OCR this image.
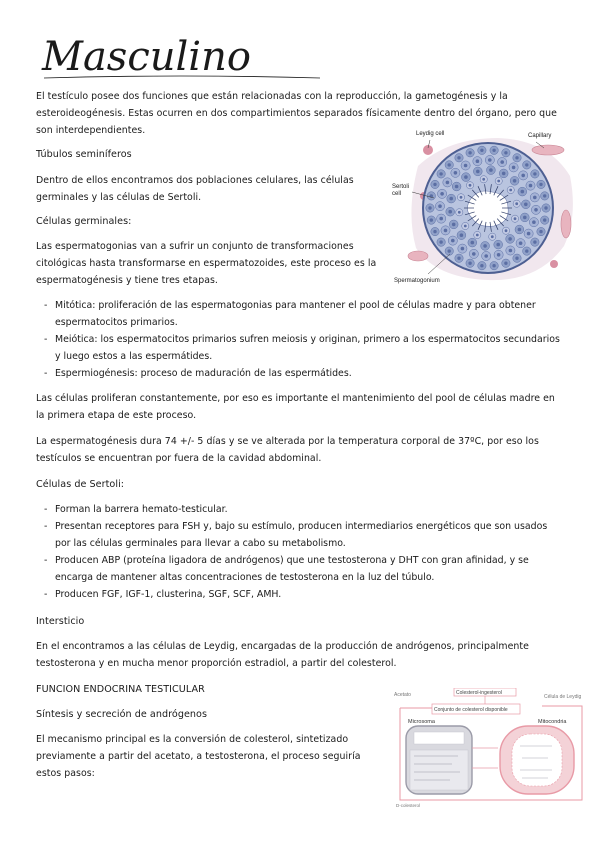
Masculino
El testículo posee dos funciones que están relacionadas con la reproducción, la gametogénesis y la esteroideogénesis. Estas ocurren en dos compartimientos separados físicamente dentro del órgano, pero que son interdependientes.
Túbulos seminíferos
Dentro de ellos encontramos dos poblaciones celulares, las células germinales y las células de Sertoli.
Células germinales:
Las espermatogonias van a sufrir un conjunto de transformaciones citológicas hasta transformarse en espermatozoides, este proceso es la espermatogénesis y tiene tres etapas.
- Mitótica: proliferación de las espermatogonias para mantener el pool de células madre y para obtener espermatocitos primarios.
- Meiótica: los espermatocitos primarios sufren meiosis y originan, primero a los espermatocitos secundarios y luego estos a las espermátides.
- Espermiogénesis: proceso de maduración de las espermátides.
Las células proliferan constantemente, por eso es importante el mantenimiento del pool de células madre en la primera etapa de este proceso.
La espermatogénesis dura 74 +/- 5 días y se ve alterada por la temperatura corporal de 37ºC, por eso los testículos se encuentran por fuera de la cavidad abdominal.
Células de Sertoli:
- Forman la barrera hemato-testicular.
- Presentan receptores para FSH y, bajo su estímulo, producen intermediarios energéticos que son usados por las células germinales para llevar a cabo su metabolismo.
- Producen ABP (proteína ligadora de andrógenos) que une testosterona y DHT con gran afinidad, y se encarga de mantener altas concentraciones de testosterona en la luz del túbulo.
- Producen FGF, IGF-1, clusterina, SGF, SCF, AMH.
Intersticio
En el encontramos a las células de Leydig, encargadas de la producción de andrógenos, principalmente testosterona y en mucha menor proporción estradiol, a partir del colesterol.
FUNCION ENDOCRINA TESTICULAR
Síntesis y secreción de andrógenos
El mecanismo principal es la conversión de colesterol, sintetizado previamente a partir del acetato, a testosterona, el proceso seguiría estos pasos:
Leydig cell	Capillary
Sertoli cell
Spermatogonium
Colesterol-ingesterol
Acetato	Célula de Leydig
Conjunto de colesterol disponible
Microsoma	Mitocondria
D-colesterol
